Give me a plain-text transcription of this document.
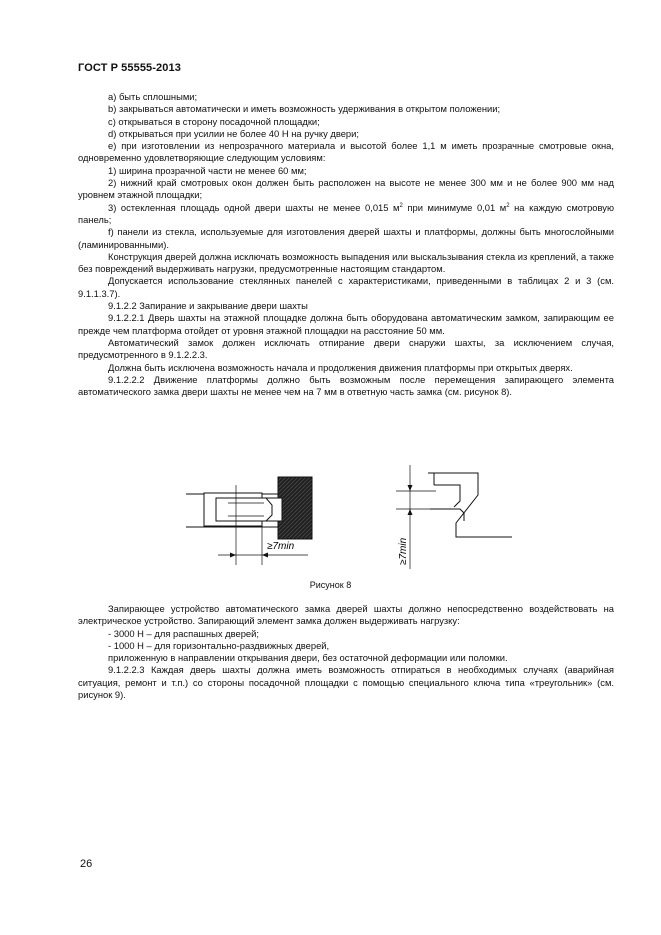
ГОСТ Р 55555-2013

а) быть сплошными;

b) закрываться автоматически и иметь возможность удерживания в открытом положении;

с) открываться в сторону посадочной площадки;

d) открываться при усилии не более 40 Н на ручку двери;

е) при изготовлении из непрозрачного материала и высотой более 1,1 м иметь прозрачные смотровые окна, одновременно удовлетворяющие следующим условиям:

1) ширина прозрачной части не менее 60 мм;

2) нижний край смотровых окон должен быть расположен на высоте не менее 300 мм и не более 900 мм над уровнем этажной площадки;

3) остекленная площадь одной двери шахты не менее 0,015 $м^2$ при минимуме 0,01 $м^2$ на каждую смотровую панель;

f) панели из стекла, используемые для изготовления дверей шахты и платформы, должны быть многослойными (ламинированными).

Конструкция дверей должна исключать возможность выпадения или выскальзывания стекла из креплений, а также без повреждений выдерживать нагрузки, предусмотренные настоящим стандартом.

Допускается использование стеклянных панелей с характеристиками, приведенными в таблицах 2 и 3 (см. 9.1.1.3.7).

9.1.2.2 Запирание и закрывание двери шахты

9.1.2.2.1 Дверь шахты на этажной площадке должна быть оборудована автоматическим замком, запирающим ее прежде чем платформа отойдет от уровня этажной площадки на расстояние 50 мм.

Автоматический замок должен исключать отпирание двери снаружи шахты, за исключением случая, предусмотренного в 9.1.2.2.3.

Должна быть исключена возможность начала и продолжения движения платформы при открытых дверях.

9.1.2.2.2 Движение платформы должно быть возможным после перемещения запирающего элемента автоматического замка двери шахты не менее чем на 7 мм в ответную часть замка (см. рисунок 8).

≥7min	≥7min
Рисунок 8

Запирающее устройство автоматического замка дверей шахты должно непосредственно воздействовать на электрическое устройство. Запирающий элемент замка должен выдерживать нагрузку:

- 3000 Н – для распашных дверей;

- 1000 Н – для горизонтально-раздвижных дверей,

приложенную в направлении открывания двери, без остаточной деформации или поломки.

9.1.2.2.3 Каждая дверь шахты должна иметь возможность отпираться в необходимых случаях (аварийная ситуация, ремонт и т.п.) со стороны посадочной площадки с помощью специального ключа типа «треугольник» (см. рисунок 9).

26
